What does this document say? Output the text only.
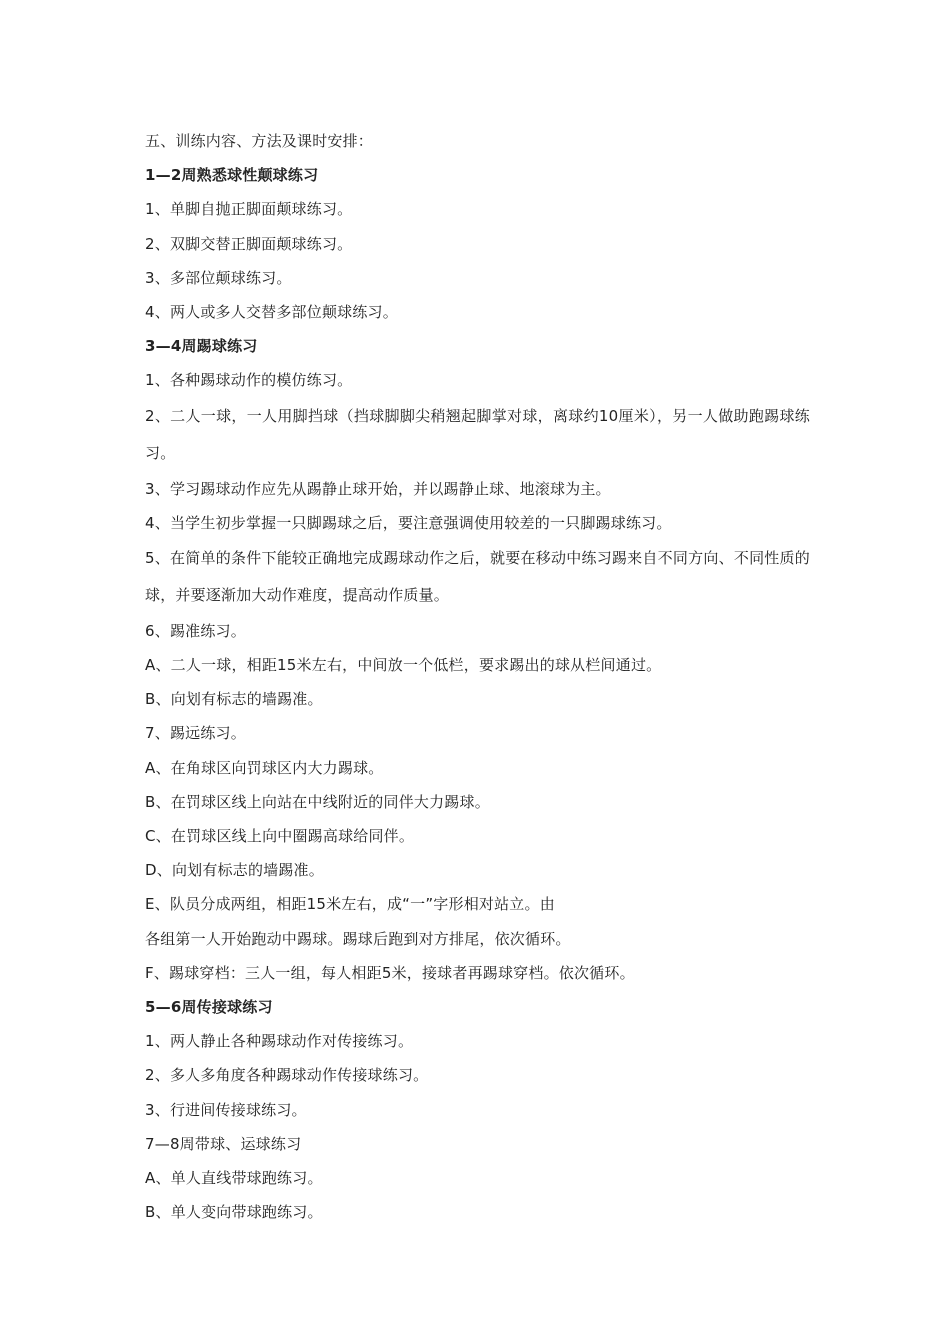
五、训练内容、方法及课时安排：

1—2周熟悉球性颠球练习

1、单脚自抛正脚面颠球练习。

2、双脚交替正脚面颠球练习。

3、多部位颠球练习。

4、两人或多人交替多部位颠球练习。

3—4周踢球练习

1、各种踢球动作的模仿练习。

2、二人一球，一人用脚挡球（挡球脚脚尖稍翘起脚掌对球，离球约10厘米），另一人做助跑踢球练习。

3、学习踢球动作应先从踢静止球开始，并以踢静止球、地滚球为主。

4、当学生初步掌握一只脚踢球之后，要注意强调使用较差的一只脚踢球练习。

5、在简单的条件下能较正确地完成踢球动作之后，就要在移动中练习踢来自不同方向、不同性质的球，并要逐渐加大动作难度，提高动作质量。

6、踢准练习。

A、二人一球，相距15米左右，中间放一个低栏，要求踢出的球从栏间通过。

B、向划有标志的墙踢准。

7、踢远练习。

A、在角球区向罚球区内大力踢球。

B、在罚球区线上向站在中线附近的同伴大力踢球。

C、在罚球区线上向中圈踢高球给同伴。

D、向划有标志的墙踢准。

E、队员分成两组，相距15米左右，成“一”字形相对站立。由

各组第一人开始跑动中踢球。踢球后跑到对方排尾，依次循环。

F、踢球穿档：三人一组，每人相距5米，接球者再踢球穿档。依次循环。

5—6周传接球练习

1、两人静止各种踢球动作对传接练习。

2、多人多角度各种踢球动作传接球练习。

3、行进间传接球练习。

7—8周带球、运球练习

A、单人直线带球跑练习。

B、单人变向带球跑练习。
